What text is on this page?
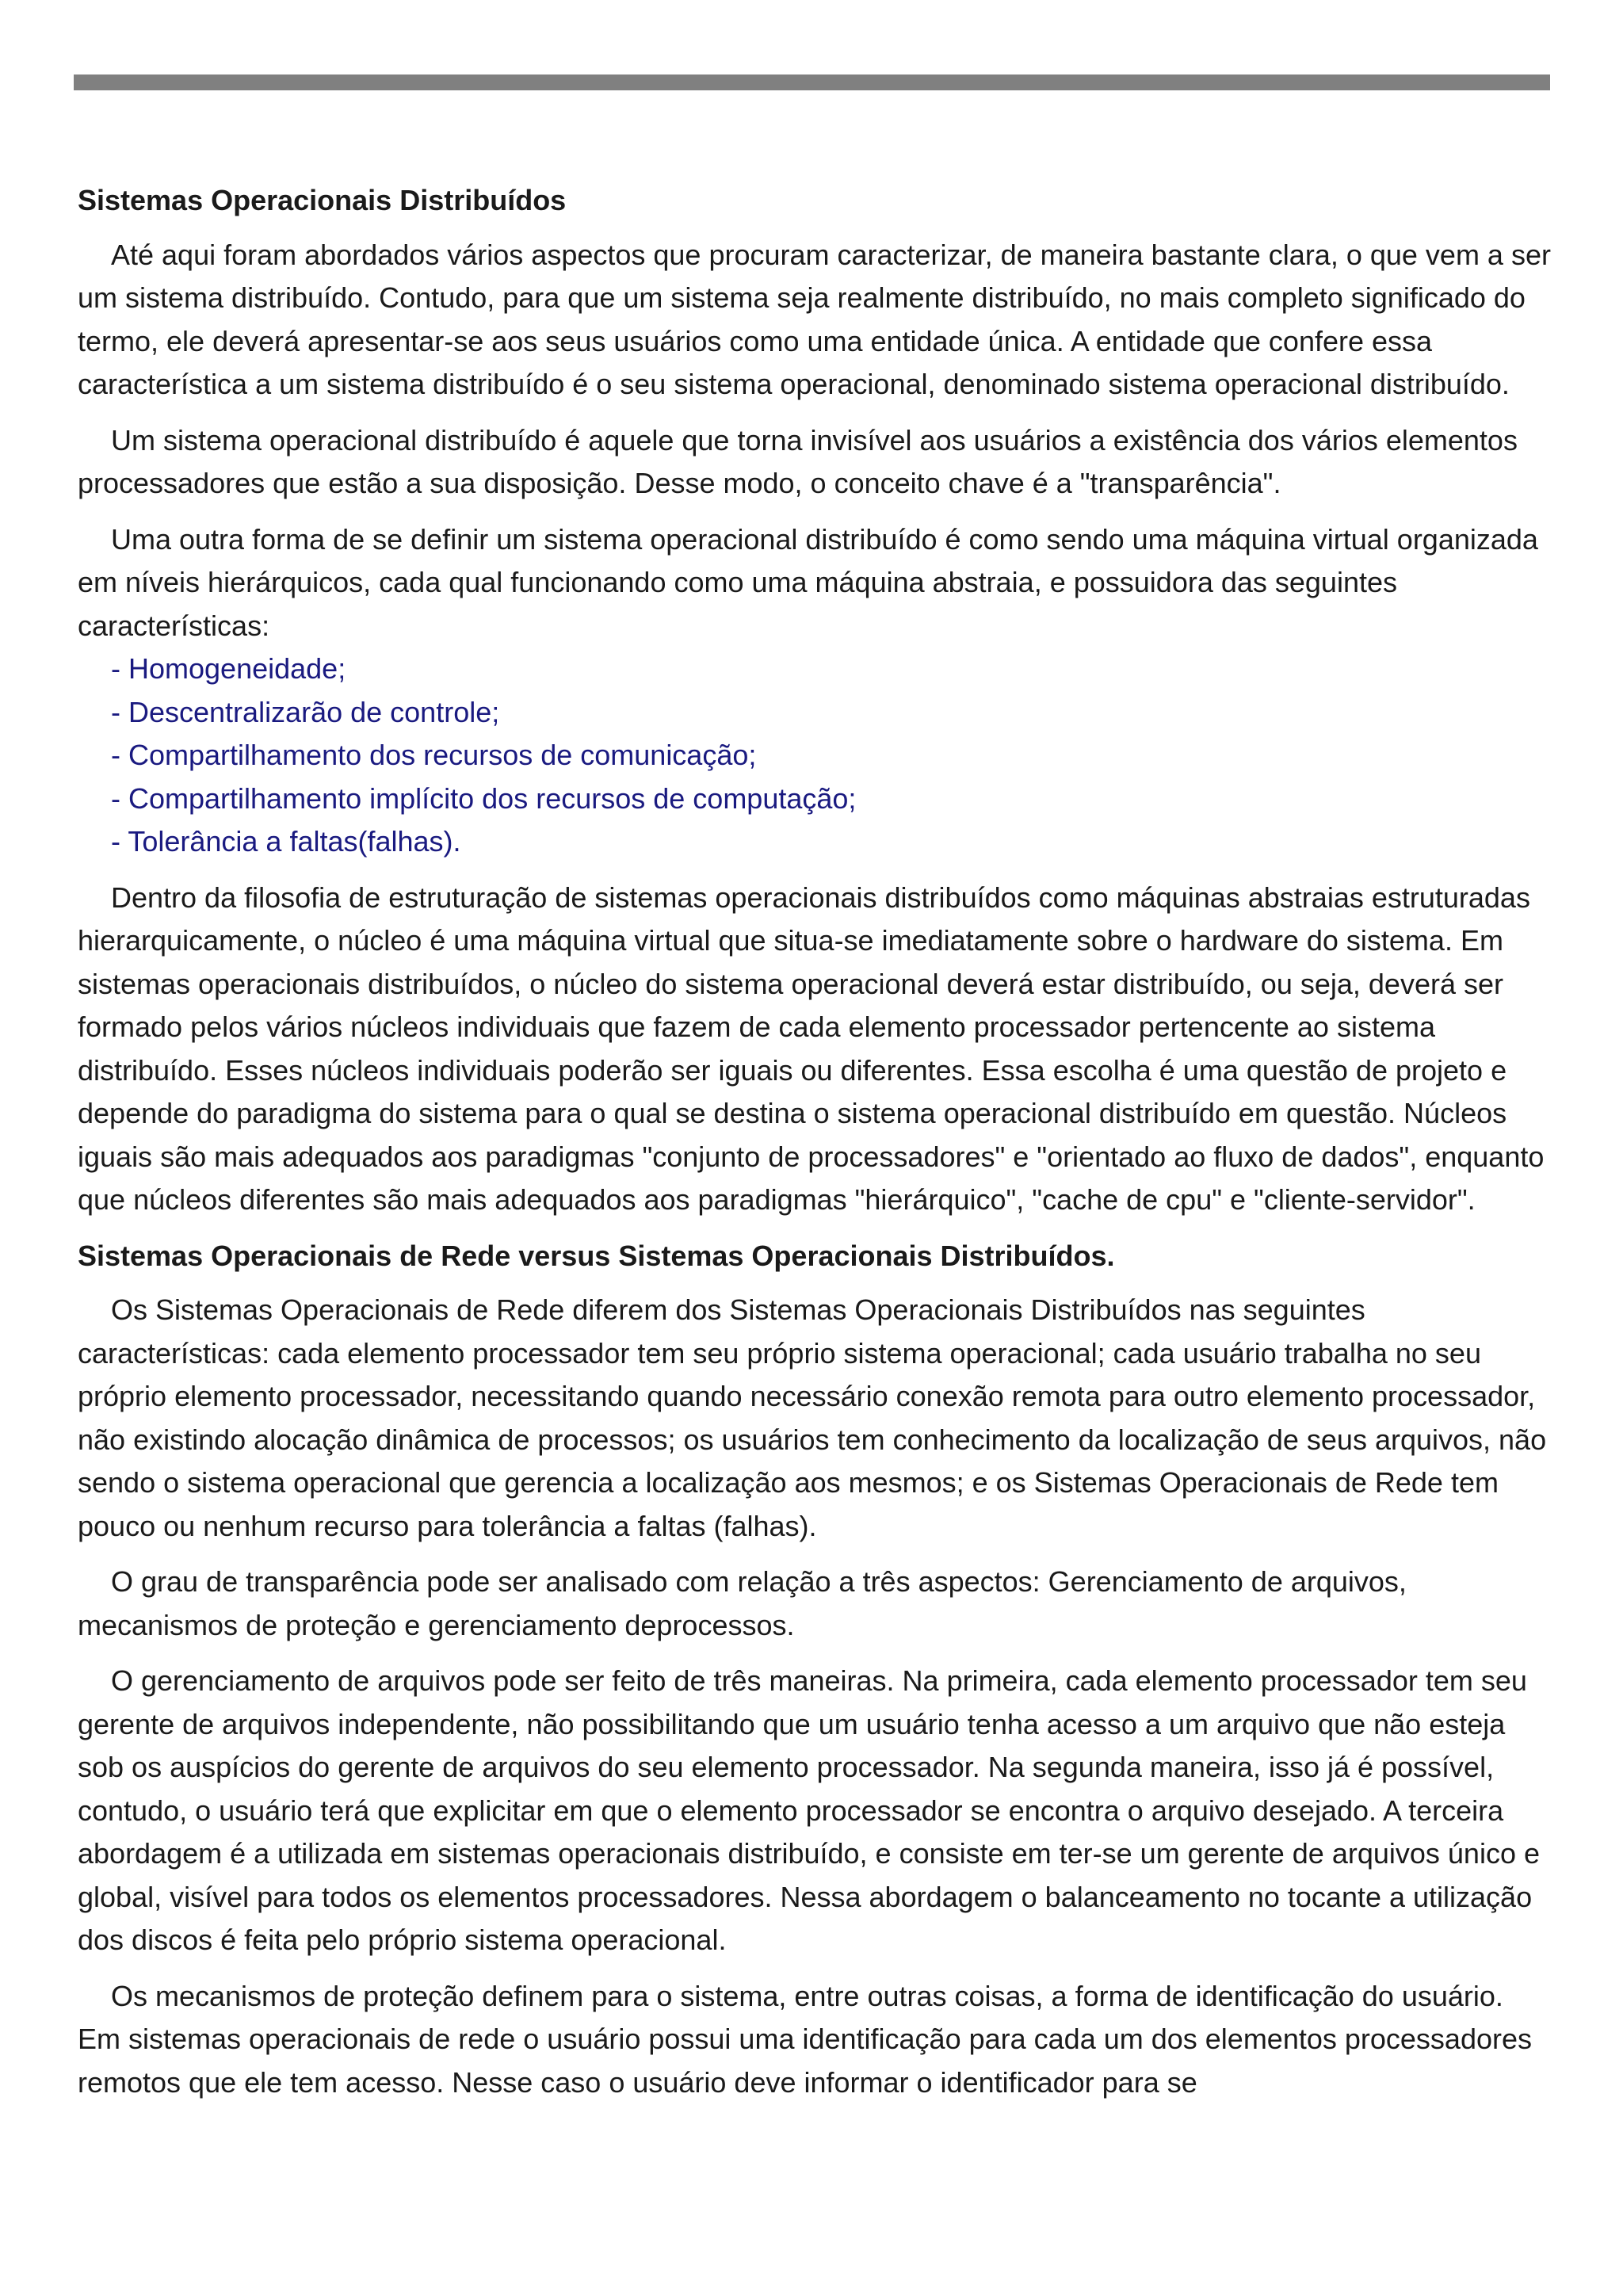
Sistemas Operacionais Distribuídos

Até aqui foram abordados vários aspectos que procuram caracterizar, de maneira bastante clara, o que vem a ser um sistema distribuído. Contudo, para que um sistema seja realmente distribuído, no mais completo significado do termo, ele deverá apresentar-se aos seus usuários como uma entidade única. A entidade que confere essa característica a um sistema distribuído é o seu sistema operacional, denominado sistema operacional distribuído.

Um sistema operacional distribuído é aquele que torna invisível aos usuários a existência dos vários elementos processadores que estão a sua disposição. Desse modo, o conceito chave é a "transparência".

Uma outra forma de se definir um sistema operacional distribuído é como sendo uma máquina virtual organizada em níveis hierárquicos, cada qual funcionando como uma máquina abstraia, e possuidora das seguintes características:

- Homogeneidade;
- Descentralizarão de controle;
- Compartilhamento dos recursos de comunicação;
- Compartilhamento implícito dos recursos de computação;
- Tolerância a faltas(falhas).

Dentro da filosofia de estruturação de sistemas operacionais distribuídos como máquinas abstraias estruturadas hierarquicamente, o núcleo é uma máquina virtual que situa-se imediatamente sobre o hardware do sistema. Em sistemas operacionais distribuídos, o núcleo do sistema operacional deverá estar distribuído, ou seja, deverá ser formado pelos vários núcleos individuais que fazem de cada elemento processador pertencente ao sistema distribuído. Esses núcleos individuais poderão ser iguais ou diferentes. Essa escolha é uma questão de projeto e depende do paradigma do sistema para o qual se destina o sistema operacional distribuído em questão. Núcleos iguais são mais adequados aos paradigmas "conjunto de processadores" e "orientado ao fluxo de dados", enquanto que núcleos diferentes são mais adequados aos paradigmas "hierárquico", "cache de cpu" e "cliente-servidor".

Sistemas Operacionais de Rede versus Sistemas Operacionais Distribuídos.

Os Sistemas Operacionais de Rede diferem dos Sistemas Operacionais Distribuídos nas seguintes características: cada elemento processador tem seu próprio sistema operacional; cada usuário trabalha no seu próprio elemento processador, necessitando quando necessário conexão remota para outro elemento processador, não existindo alocação dinâmica de processos; os usuários tem conhecimento da localização de seus arquivos, não sendo o sistema operacional que gerencia a localização aos mesmos; e os Sistemas Operacionais de Rede tem pouco ou nenhum recurso para tolerância a faltas (falhas).

O grau de transparência pode ser analisado com relação a três aspectos: Gerenciamento de arquivos, mecanismos de proteção e gerenciamento deprocessos.

O gerenciamento de arquivos pode ser feito de três maneiras. Na primeira, cada elemento processador tem seu gerente de arquivos independente, não possibilitando que um usuário tenha acesso a um arquivo que não esteja sob os auspícios do gerente de arquivos do seu elemento processador. Na segunda maneira, isso já é possível, contudo, o usuário terá que explicitar em que o elemento processador se encontra o arquivo desejado. A terceira abordagem é a utilizada em sistemas operacionais distribuído, e consiste em ter-se um gerente de arquivos único e global, visível para todos os elementos processadores. Nessa abordagem o balanceamento no tocante a utilização dos discos é feita pelo próprio sistema operacional.

Os mecanismos de proteção definem para o sistema, entre outras coisas, a forma de identificação do usuário. Em sistemas operacionais de rede o usuário possui uma identificação para cada um dos elementos processadores remotos que ele tem acesso. Nesse caso o usuário deve informar o identificador para se
